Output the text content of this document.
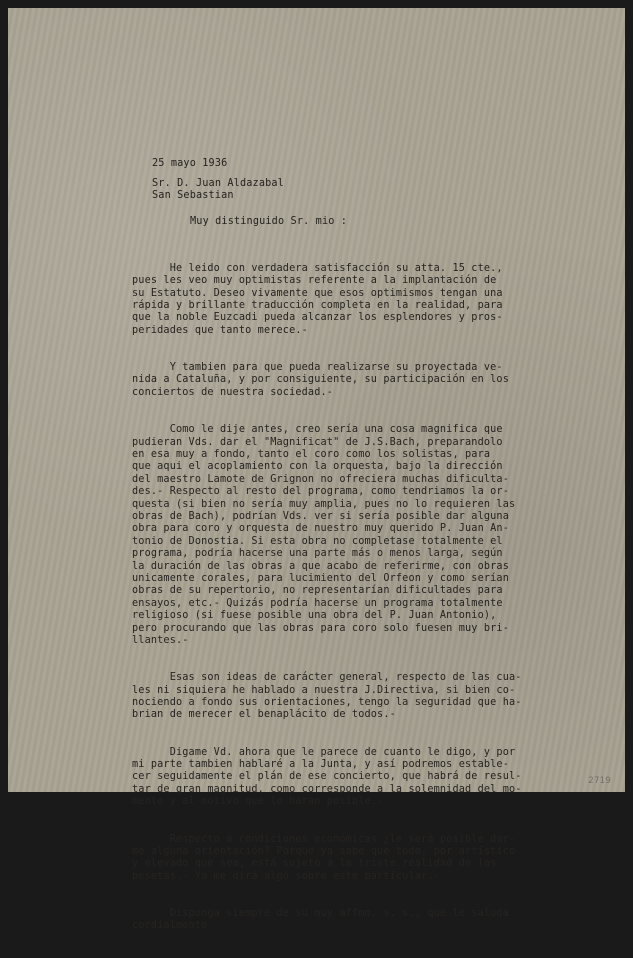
25 mayo 1936
Sr. D. Juan Aldazabal
San Sebastian
Muy distinguido Sr. mio :

He leido con verdadera satisfacción su atta. 15 cte.,
pues les veo muy optimistas referente a la implantación de
su Estatuto. Deseo vivamente que esos optimismos tengan una
rápida y brillante traducción completa en la realidad, para
que la noble Euzcadi pueda alcanzar los esplendores y pros-
peridades que tanto merece.-

Y tambien para que pueda realizarse su proyectada ve-
nida a Cataluña, y por consiguiente, su participación en los
conciertos de nuestra sociedad.-

Como le dije antes, creo sería una cosa magnifica que
pudieran Vds. dar el "Magnificat" de J.S.Bach, preparandolo
en esa muy a fondo, tanto el coro como los solistas, para
que aqui el acoplamiento con la orquesta, bajo la dirección
del maestro Lamote de Grignon no ofreciera muchas dificulta-
des.- Respecto al resto del programa, como tendriamos la or-
questa (si bien no sería muy amplia, pues no lo requieren las
obras de Bach), podrían Vds. ver si sería posible dar alguna
obra para coro y orquesta de nuestro muy querido P. Juan An-
tonio de Donostia. Si esta obra no completase totalmente el
programa, podría hacerse una parte más o menos larga, según
la duración de las obras a que acabo de referirme, con obras
unicamente corales, para lucimiento del Orfeon y como serían
obras de su repertorio, no representarían dificultades para
ensayos, etc.- Quizás podría hacerse un programa totalmente
religioso (si fuese posible una obra del P. Juan Antonio),
pero procurando que las obras para coro solo fuesen muy bri-
llantes.-

Esas son ideas de carácter general, respecto de las cua-
les ni siquiera he hablado a nuestra J.Directiva, si bien co-
nociendo a fondo sus orientaciones, tengo la seguridad que ha-
brian de merecer el benaplácito de todos.-

Digame Vd. ahora que le parece de cuanto le digo, y por
mi parte tambien hablaré a la Junta, y así podremos estable-
cer seguidamente el plán de ese concierto, que habrá de resul-
tar de gran magnitud, como corresponde a la solemnidad del mo-
mento y al motivo que lo harán posible.-

Respecto a condiciones económicas ¿le será posible dar-
me alguna orientación? Porque ya sabe que todo, por artístico
y elevado que sea, está sujeto a la triste realidad de las
pesetas.- Ya me dirá algo sobre este particular.-

Disponga siempre de su muy affmo. s. s., que le saluda
cordialmente

2719
